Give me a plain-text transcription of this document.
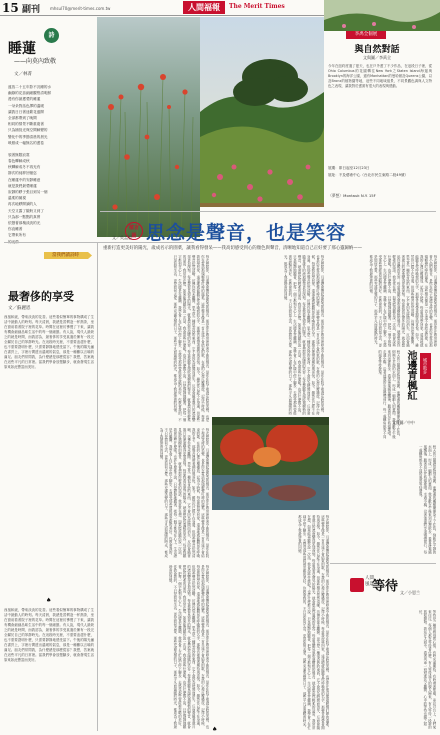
15 副刊 mhsul70@merit-times.com.tw	人間福報	The Merit Times
詩
睡蓮
——向莫內致敬
文／林菁
盛放二十五年影不沉睡的水
幽綠的花蕊細細觀察清明鮮
漫有你最獲愛的睡蓮
一朵朵對話色澤的溫暖
讓我日日著迷繁花盛開
全部都帶到了晚間
相同的情景不斷重複著
只為捕捉光與空間瞬變的
變化中的季節清晨的晨光
映照成一幅無名的畫卷
領著無限寂寞
春色轉瞬成秋
秋轉瞬成冬不再光有
靜次的純粹回憶恣
在睡蓮中的安靜睡意
就是我們最愛睡蓮
寂靜的睜子張目到另一個
溫柔的凝視
再次地睜開讀的人
天空又露了臉般又到了
只為那一點點的真實
依戀著那塊淡淡的光
你直睡著
它帶來所有
當我們讀詩時
最奢侈的享受
文／蘇麗恩
西風和緩，帶來淡淡的花香。這些看似簡單的事物構成了生活中最動人的時刻。每天清晨，我總是習慣泡一杯熱茶，坐在窗前看著院子裡的花草。時間在這裡彷彿慢了下來，讓我有機會細細品味生活中的每一個細節。有人說，現代人最缺乏的就是時間，而我認為，最奢侈的享受莫過於擁有一段完全屬於自己的寧靜時光。在這段時光裡，不需要追趕什麼，也不需要證明什麼，只需要靜靜地感受當下。午後的陽光灑在書頁上，字裡行間透出溫暖的氣息，那是一種難以言喻的滿足。朋友們常問我，為什麼總是那麼從容？我想，答案就在這些平凡的日常裡。當我們學會放慢腳步，就會發現生活原來如此豐富而美好。
♠
西風和緩，帶來淡淡的花香。這些看似簡單的事物構成了生活中最動人的時刻。每天清晨，我總是習慣泡一杯熱茶，坐在窗前看著院子裡的花草。時間在這裡彷彿慢了下來，讓我有機會細細品味生活中的每一個細節。有人說，現代人最缺乏的就是時間，而我認為，最奢侈的享受莫過於擁有一段完全屬於自己的寧靜時光。在這段時光裡，不需要追趕什麼，也不需要證明什麼，只需要靜靜地感受當下。午後的陽光灑在書頁上，字裡行間透出溫暖的氣息，那是一種難以言喻的滿足。朋友們常問我，為什麼總是那麼從容？我想，答案就在這些平凡的日常裡。當我們學會放慢腳步，就會發現生活原來如此豐富而美好。
李禹全個展
與自然對話
文與圖／李禹全
今年在紐約度過了夏天，也在戶外畫了不少作品，在這段日子裡，從Ohio Columbus的花園轉往New York之Staten Island海邊與Brooklyn的海洋公園，還有Manhattan的曼哈頓及Queens公園，以及Bronx的植物園等地，這些不同地域風景，不同景觀色調與人文特色之表現，讓我對於畫面有很大的表現與感動。
展期：即日起至12月23日
展址：不及藝術中心（台北市民生東路二段49號）
〈夢想〉Montauk N.Y. 15F
植言 語
文／吳孟恩 思念是聲音，也是笑容
重新打造更美好的陽光，歲成名示的園菜，讓我看得發呆——我高切感受到心的顏色與聲音，清晰地知道自己正好要了那心靈歸納——
每次想起你，耳邊總會響起那熟悉的聲音。那是你在廚房裡哼著小曲的聲音，是你在院子裡澆花時的笑聲，也是你在電話那頭輕聲叮嚀的溫柔。這些聲音像是一首永遠不會結束的歌，在我的心裡反覆播放。記得小時候，每當我放學回家，遠遠地就能聽見你呼喚我的名字，那聲音裡帶著期待與喜悅。如今，雖然你已經不在身邊，但那些聲音依然清晰，彷彿你從未離開。思念是一種很奇妙的東西，它不會因為時間而消失，反而會隨著歲月的流逝變得更加深刻。每當我看見窗外的陽光，就會想起你溫暖的笑容；每當我聽見風吹過樹梢的聲音，就會想起你輕柔的話語。我常常在想，如果能再聽你說一次話，我會說些什麼呢？也許什麼都不說，只是靜靜地聽著，把每一個字都刻在心上。生活總是在繼續，我學會了在忙碌中停下腳步，去感受那些曾經被忽略的美好。你教會我的，不只是如何生活，更是如何去愛。那些充滿笑聲的日子，那些平凡而溫暖的時光，都成為了我最珍貴的回憶。	每次想起你，耳邊總會響起那熟悉的聲音。那是你在廚房裡哼著小曲的聲音，是你在院子裡澆花時的笑聲，也是你在電話那頭輕聲叮嚀的溫柔。這些聲音像是一首永遠不會結束的歌，在我的心裡反覆播放。記得小時候，每當我放學回家，遠遠地就能聽見你呼喚我的名字，那聲音裡帶著期待與喜悅。如今，雖然你已經不在身邊，但那些聲音依然清晰，彷彿你從未離開。思念是一種很奇妙的東西，它不會因為時間而消失，反而會隨著歲月的流逝變得更加深刻。每當我看見窗外的陽光，就會想起你溫暖的笑容；每當我聽見風吹過樹梢的聲音，就會想起你輕柔的話語。我常常在想，如果能再聽你說一次話，我會說些什麼呢？也許什麼都不說，只是靜靜地聽著，把每一個字都刻在心上。生活總是在繼續，我學會了在忙碌中停下腳步，去感受那些曾經被忽略的美好。你教會我的，不只是如何生活，更是如何去愛。那些充滿笑聲的日子，那些平凡而溫暖的時光，都成為了我最珍貴的回憶。	每次想起你，耳邊總會響起那熟悉的聲音。那是你在廚房裡哼著小曲的聲音，是你在院子裡澆花時的笑聲，也是你在電話那頭輕聲叮嚀的溫柔。這些聲音像是一首永遠不會結束的歌，在我的心裡反覆播放。記得小時候，每當我放學回家，遠遠地就能聽見你呼喚我的名字，那聲音裡帶著期待與喜悅。如今，雖然你已經不在身邊，但那些聲音依然清晰，彷彿你從未離開。思念是一種很奇妙的東西，它不會因為時間而消失，反而會隨著歲月的流逝變得更加深刻。每當我看見窗外的陽光，就會想起你溫暖的笑容；每當我聽見風吹過樹梢的聲音，就會想起你輕柔的話語。我常常在想，如果能再聽你說一次話，我會說些什麼呢？也許什麼都不說，只是靜靜地聽著，把每一個字都刻在心上。生活總是在繼續，我學會了在忙碌中停下腳步，去感受那些曾經被忽略的美好。你教會我的，不只是如何生活，更是如何去愛。那些充滿笑聲的日子，那些平凡而溫暖的時光，都成為了我最珍貴的回憶。
每次想起你，耳邊總會響起那熟悉的聲音。那是你在廚房裡哼著小曲的聲音，是你在院子裡澆花時的笑聲，也是你在電話那頭輕聲叮嚀的溫柔。這些聲音像是一首永遠不會結束的歌，在我的心裡反覆播放。記得小時候，每當我放學回家，遠遠地就能聽見你呼喚我的名字，那聲音裡帶著期待與喜悅。如今，雖然你已經不在身邊，但那些聲音依然清晰，彷彿你從未離開。思念是一種很奇妙的東西，它不會因為時間而消失，反而會隨著歲月的流逝變得更加深刻。每當我看見窗外的陽光，就會想起你溫暖的笑容；每當我聽見風吹過樹梢的聲音，就會想起你輕柔的話語。我常常在想，如果能再聽你說一次話，我會說些什麼呢？也許什麼都不說，只是靜靜地聽著，把每一個字都刻在心上。生活總是在繼續，我學會了在忙碌中停下腳步，去感受那些曾經被忽略的美好。你教會我的，不只是如何生活，更是如何去愛。那些充滿笑聲的日子，那些平凡而溫暖的時光，都成為了我最珍貴的回憶。
每次想起你，耳邊總會響起那熟悉的聲音。那是你在廚房裡哼著小曲的聲音，是你在院子裡澆花時的笑聲，也是你在電話那頭輕聲叮嚀的溫柔。這些聲音像是一首永遠不會結束的歌，在我的心裡反覆播放。記得小時候，每當我放學回家，遠遠地就能聽見你呼喚我的名字，那聲音裡帶著期待與喜悅。如今，雖然你已經不在身邊，但那些聲音依然清晰，彷彿你從未離開。思念是一種很奇妙的東西，它不會因為時間而消失，反而會隨著歲月的流逝變得更加深刻。每當我看見窗外的陽光，就會想起你溫暖的笑容；每當我聽見風吹過樹梢的聲音，就會想起你輕柔的話語。我常常在想，如果能再聽你說一次話，我會說些什麼呢？也許什麼都不說，只是靜靜地聽著，把每一個字都刻在心上。生活總是在繼續，我學會了在忙碌中停下腳步，去感受那些曾經被忽略的美好。你教會我的，不只是如何生活，更是如何去愛。那些充滿笑聲的日子，那些平凡而溫暖的時光，都成為了我最珍貴的回憶。
秋天的公園總是特別美麗，池塘邊的楓樹漸漸染上了紅色，倒映在平靜的水面上，形成一幅動人的畫面。我喜歡在午後來到這裡散步，看著落葉隨風飄落，聽著鳥兒在枝頭歌唱。走過小橋，沿著池邊的步道慢慢前行，每一處轉角都有不同的風景等待發現。	城市散步
池邊青楓紅
文與圖／中中
秋天的公園總是特別美麗，池塘邊的楓樹漸漸染上了紅色，倒映在平靜的水面上，形成一幅動人的畫面。我喜歡在午後來到這裡散步，看著落葉隨風飄落，聽著鳥兒在枝頭歌唱。走過小橋，沿著池邊的步道慢慢前行，每一處轉角都有不同的風景等待發現。
每次想起你，耳邊總會響起那熟悉的聲音。那是你在廚房裡哼著小曲的聲音，是你在院子裡澆花時的笑聲，也是你在電話那頭輕聲叮嚀的溫柔。這些聲音像是一首永遠不會結束的歌，在我的心裡反覆播放。記得小時候，每當我放學回家，遠遠地就能聽見你呼喚我的名字，那聲音裡帶著期待與喜悅。如今，雖然你已經不在身邊，但那些聲音依然清晰，彷彿你從未離開。思念是一種很奇妙的東西，它不會因為時間而消失，反而會隨著歲月的流逝變得更加深刻。每當我看見窗外的陽光，就會想起你溫暖的笑容；每當我聽見風吹過樹梢的聲音，就會想起你輕柔的話語。我常常在想，如果能再聽你說一次話，我會說些什麼呢？也許什麼都不說，只是靜靜地聽著，把每一個字都刻在心上。生活總是在繼續，我學會了在忙碌中停下腳步，去感受那些曾經被忽略的美好。你教會我的，不只是如何生活，更是如何去愛。那些充滿笑聲的日子，那些平凡而溫暖的時光，都成為了我最珍貴的回憶。
人間風景
等待 文／小恩兰
等待是一種很特別的心情，有時充滿期待，有時帶著焦慮。車站月台上，人們來來往往，每個人都在等待著什麼。有人等待遠方的親人歸來，有人等待一段新的旅程開始。我站在人群中，看著列車一班班進站又離開，心中的等待也隨之起伏。
♠
